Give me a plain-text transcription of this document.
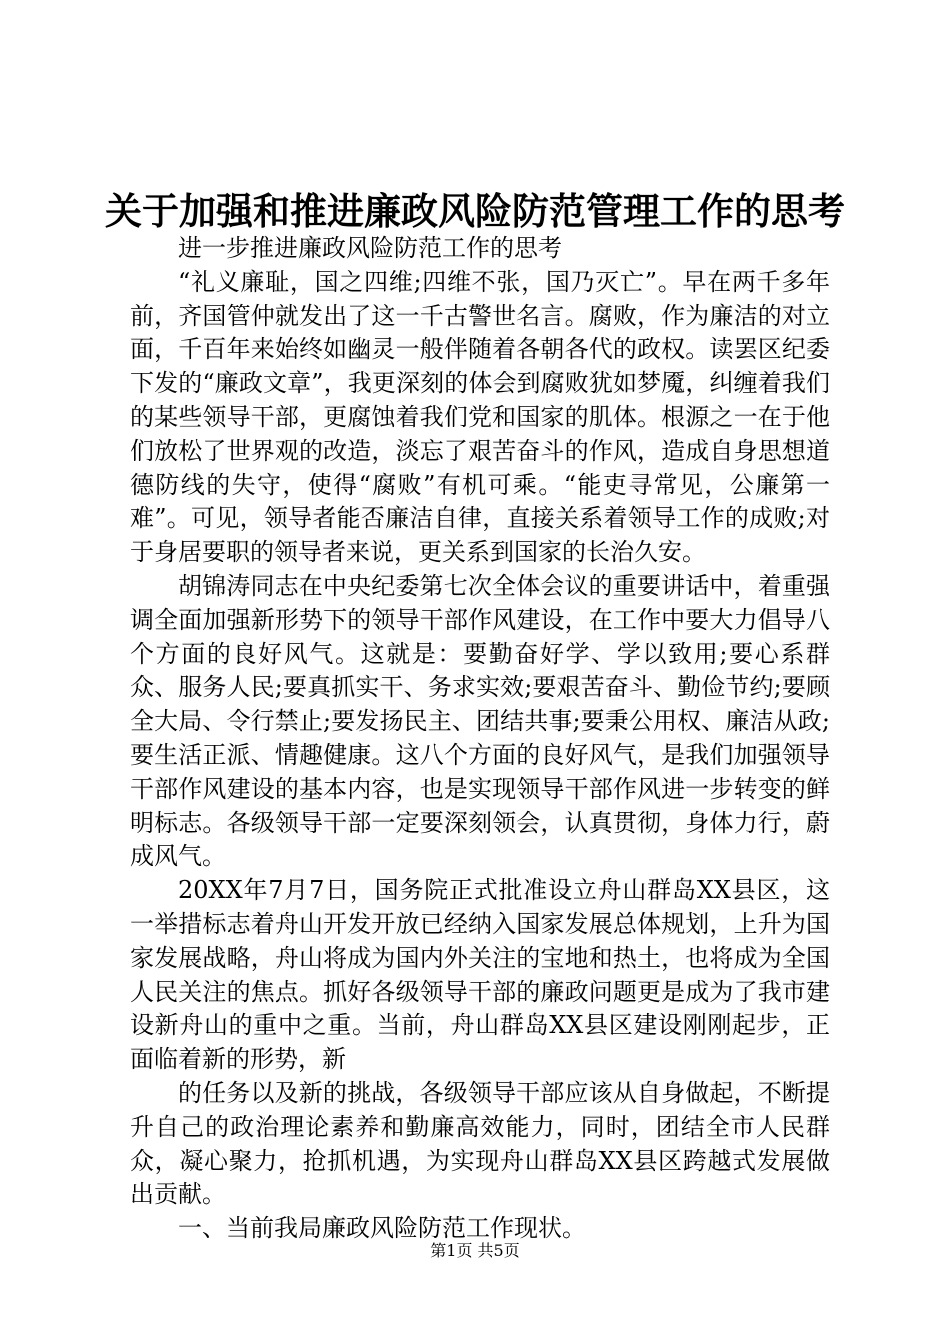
关于加强和推进廉政风险防范管理工作的思考

进一步推进廉政风险防范工作的思考

“礼义廉耻，国之四维;四维不张，国乃灭亡”。早在两千多年前，齐国管仲就发出了这一千古警世名言。腐败，作为廉洁的对立面，千百年来始终如幽灵一般伴随着各朝各代的政权。读罢区纪委下发的“廉政文章”，我更深刻的体会到腐败犹如梦魇，纠缠着我们的某些领导干部，更腐蚀着我们党和国家的肌体。根源之一在于他们放松了世界观的改造，淡忘了艰苦奋斗的作风，造成自身思想道德防线的失守，使得“腐败”有机可乘。“能吏寻常见，公廉第一难”。可见，领导者能否廉洁自律，直接关系着领导工作的成败;对于身居要职的领导者来说，更关系到国家的长治久安。

胡锦涛同志在中央纪委第七次全体会议的重要讲话中，着重强调全面加强新形势下的领导干部作风建设，在工作中要大力倡导八个方面的良好风气。这就是：要勤奋好学、学以致用;要心系群众、服务人民;要真抓实干、务求实效;要艰苦奋斗、勤俭节约;要顾全大局、令行禁止;要发扬民主、团结共事;要秉公用权、廉洁从政;要生活正派、情趣健康。这八个方面的良好风气，是我们加强领导干部作风建设的基本内容，也是实现领导干部作风进一步转变的鲜明标志。各级领导干部一定要深刻领会，认真贯彻，身体力行，蔚成风气。

20XX年7月7日，国务院正式批准设立舟山群岛XX县区，这一举措标志着舟山开发开放已经纳入国家发展总体规划，上升为国家发展战略，舟山将成为国内外关注的宝地和热土，也将成为全国人民关注的焦点。抓好各级领导干部的廉政问题更是成为了我市建设新舟山的重中之重。当前，舟山群岛XX县区建设刚刚起步，正面临着新的形势，新

的任务以及新的挑战，各级领导干部应该从自身做起，不断提升自己的政治理论素养和勤廉高效能力，同时，团结全市人民群众，凝心聚力，抢抓机遇，为实现舟山群岛XX县区跨越式发展做出贡献。

一、当前我局廉政风险防范工作现状。

第1页 共5页
